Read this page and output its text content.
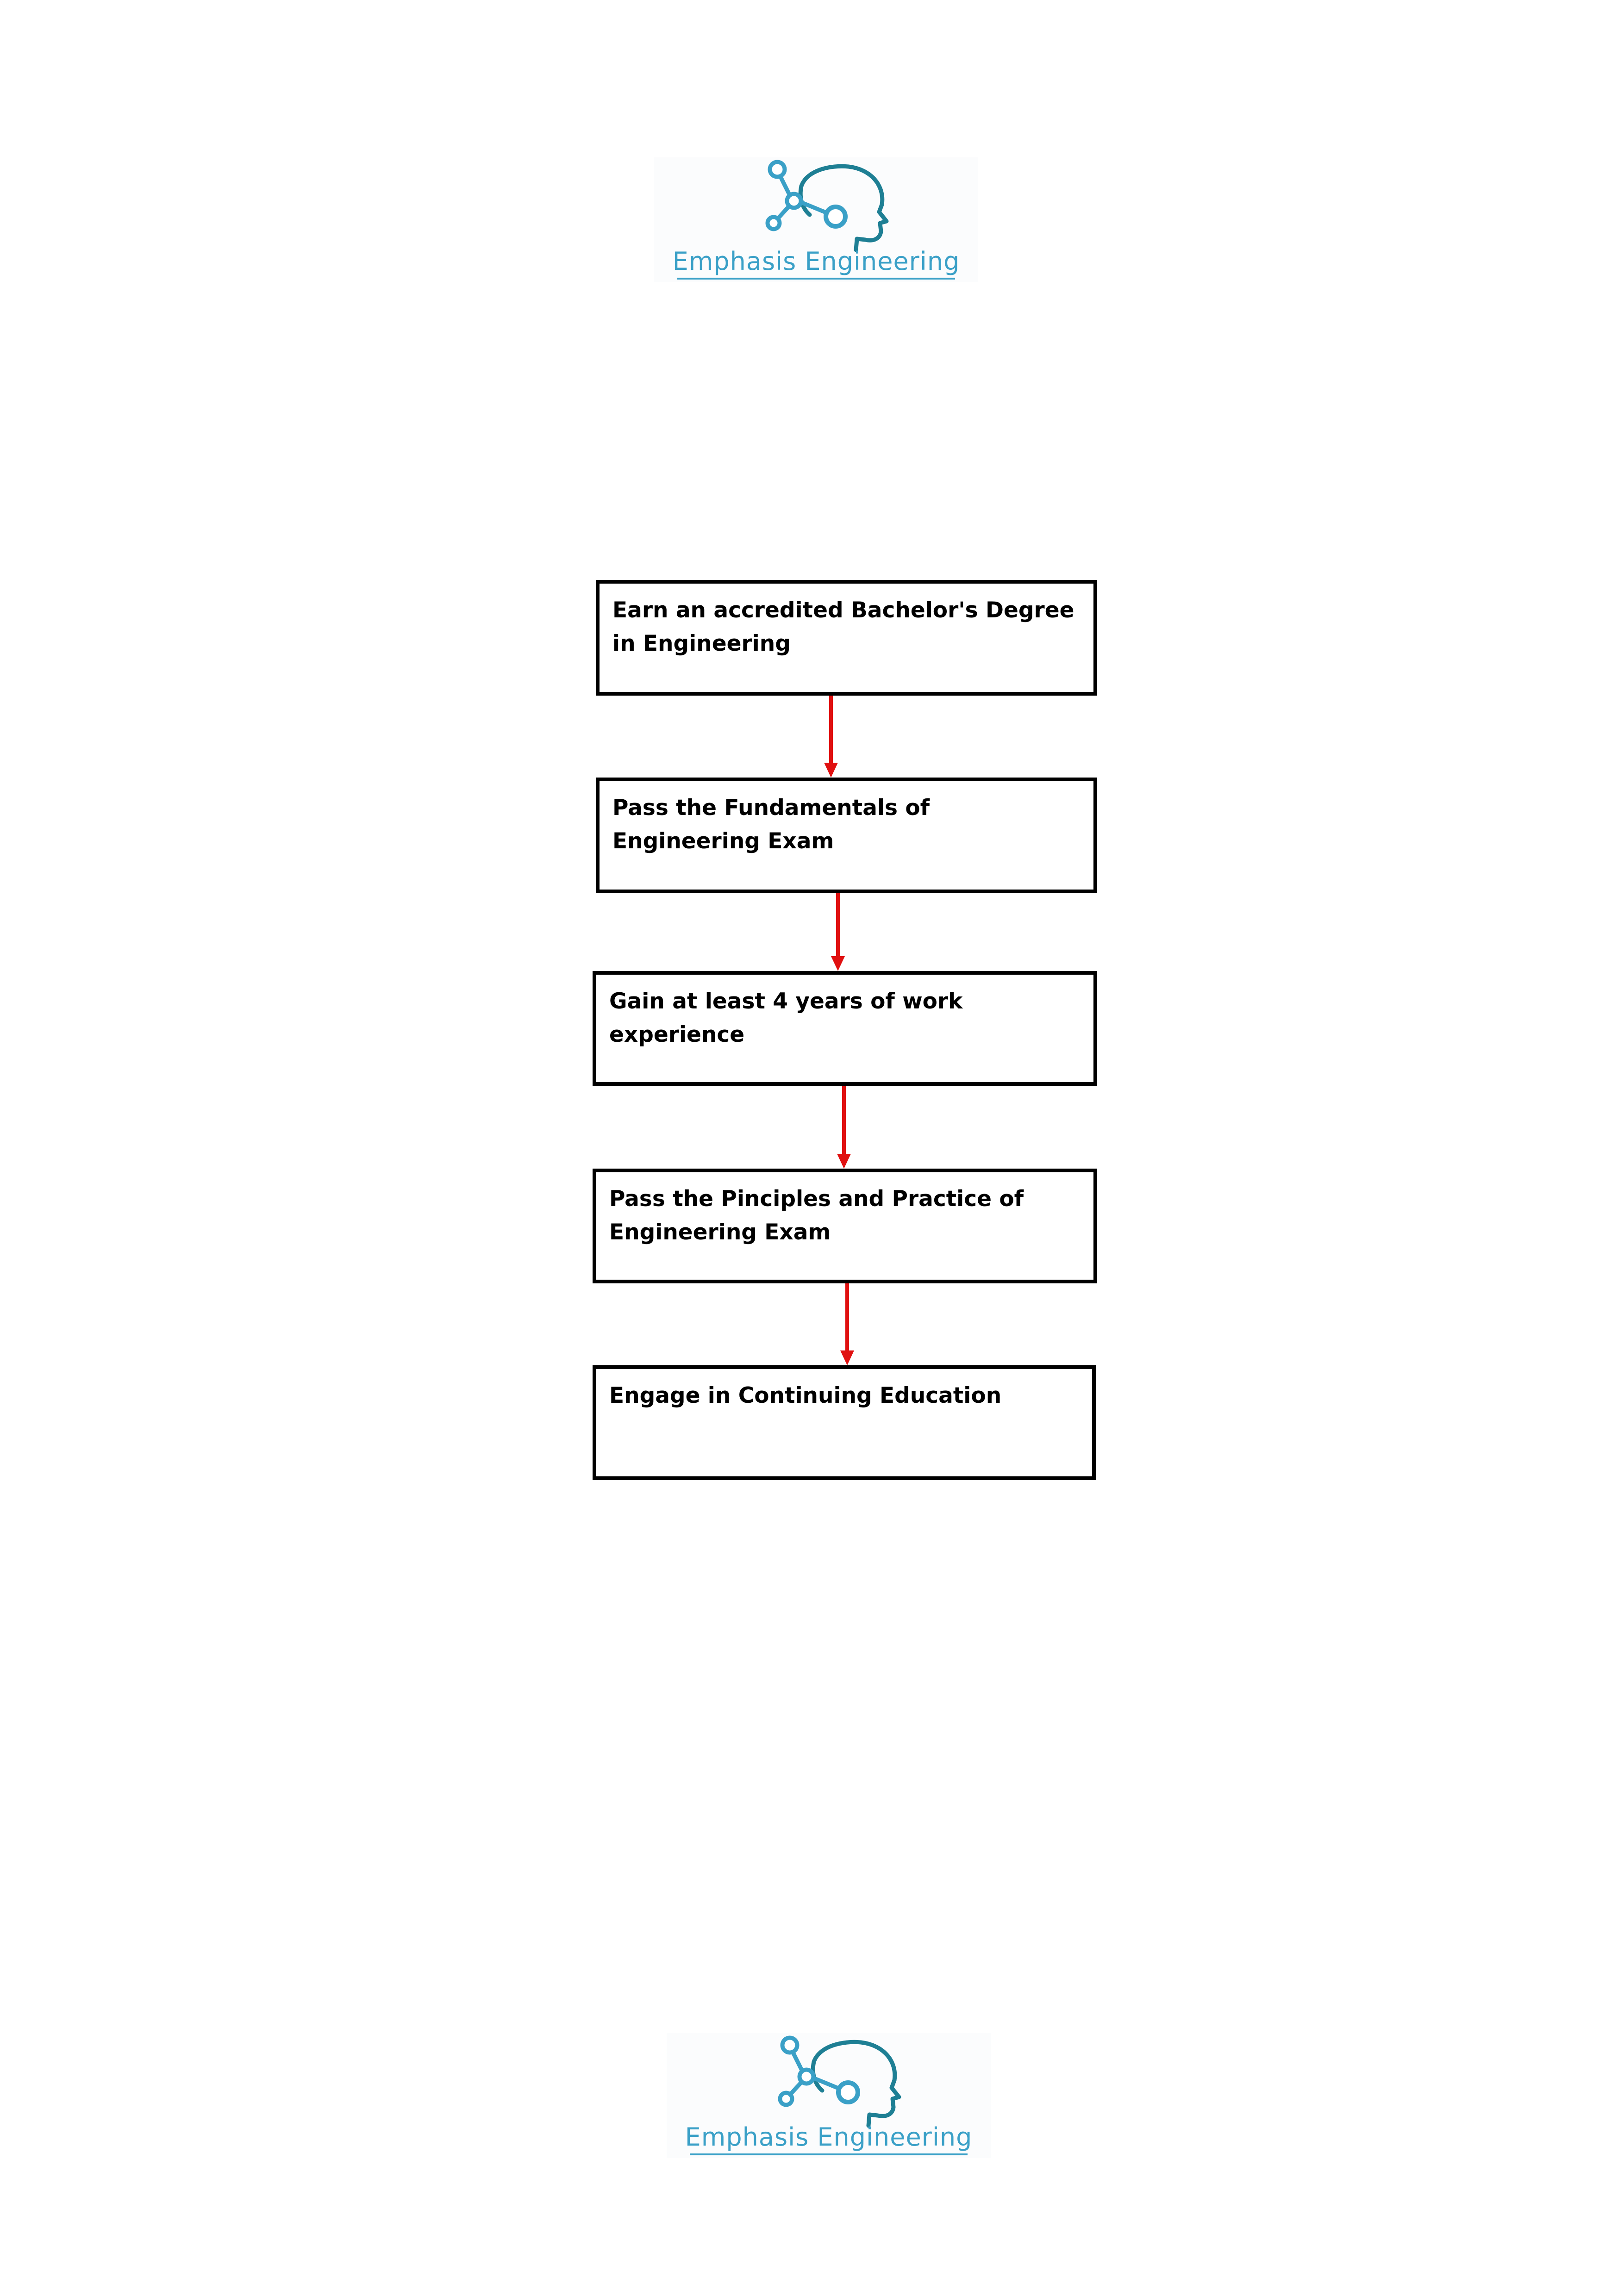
Emphasis Engineering
Earn an accredited Bachelor's Degree in Engineering
Pass the Fundamentals of Engineering Exam
Gain at least 4 years of work experience
Pass the Pinciples and Practice of Engineering Exam
Engage in Continuing Education
Emphasis Engineering
